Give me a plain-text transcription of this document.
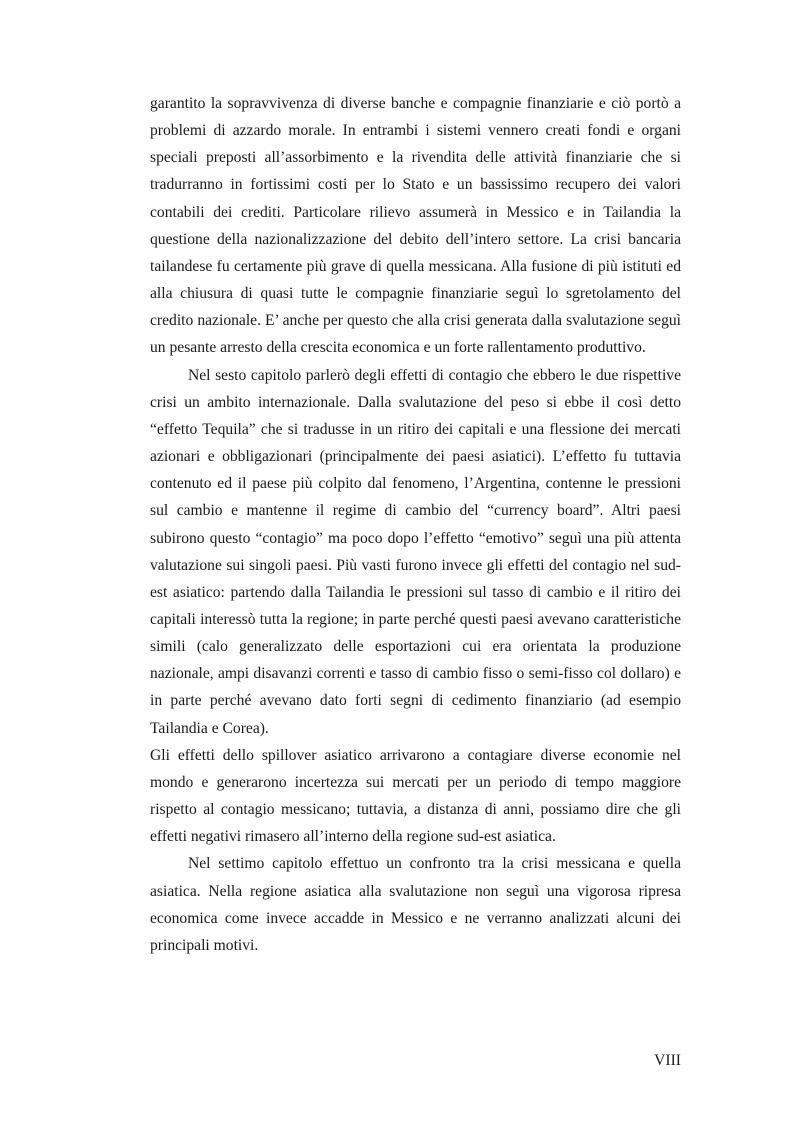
garantito la sopravvivenza di diverse banche e compagnie finanziarie e ciò portò a problemi di azzardo morale. In entrambi i sistemi vennero creati fondi e organi speciali preposti all’assorbimento e la rivendita delle attività finanziarie che si tradurranno in fortissimi costi per lo Stato e un bassissimo recupero dei valori contabili dei crediti. Particolare rilievo assumerà in Messico e in Tailandia la questione della nazionalizzazione del debito dell’intero settore. La crisi bancaria tailandese fu certamente più grave di quella messicana. Alla fusione di più istituti ed alla chiusura di quasi tutte le compagnie finanziarie seguì lo sgretolamento del credito nazionale. E’ anche per questo che alla crisi generata dalla svalutazione seguì un pesante arresto della crescita economica e un forte rallentamento produttivo.

Nel sesto capitolo parlerò degli effetti di contagio che ebbero le due rispettive crisi un ambito internazionale. Dalla svalutazione del peso si ebbe il così detto “effetto Tequila” che si tradusse in un ritiro dei capitali e una flessione dei mercati azionari e obbligazionari (principalmente dei paesi asiatici). L’effetto fu tuttavia contenuto ed il paese più colpito dal fenomeno, l’Argentina, contenne le pressioni sul cambio e mantenne il regime di cambio del “currency board”. Altri paesi subirono questo “contagio” ma poco dopo l’effetto “emotivo” seguì una più attenta valutazione sui singoli paesi. Più vasti furono invece gli effetti del contagio nel sud-est asiatico: partendo dalla Tailandia le pressioni sul tasso di cambio e il ritiro dei capitali interessò tutta la regione; in parte perché questi paesi avevano caratteristiche simili (calo generalizzato delle esportazioni cui era orientata la produzione nazionale, ampi disavanzi correnti e tasso di cambio fisso o semi-fisso col dollaro) e in parte perché avevano dato forti segni di cedimento finanziario (ad esempio Tailandia e Corea).

Gli effetti dello spillover asiatico arrivarono a contagiare diverse economie nel mondo e generarono incertezza sui mercati per un periodo di tempo maggiore rispetto al contagio messicano; tuttavia, a distanza di anni, possiamo dire che gli effetti negativi rimasero all’interno della regione sud-est asiatica.

Nel settimo capitolo effettuo un confronto tra la crisi messicana e quella asiatica. Nella regione asiatica alla svalutazione non seguì una vigorosa ripresa economica come invece accadde in Messico e ne verranno analizzati alcuni dei principali motivi.

VIII
